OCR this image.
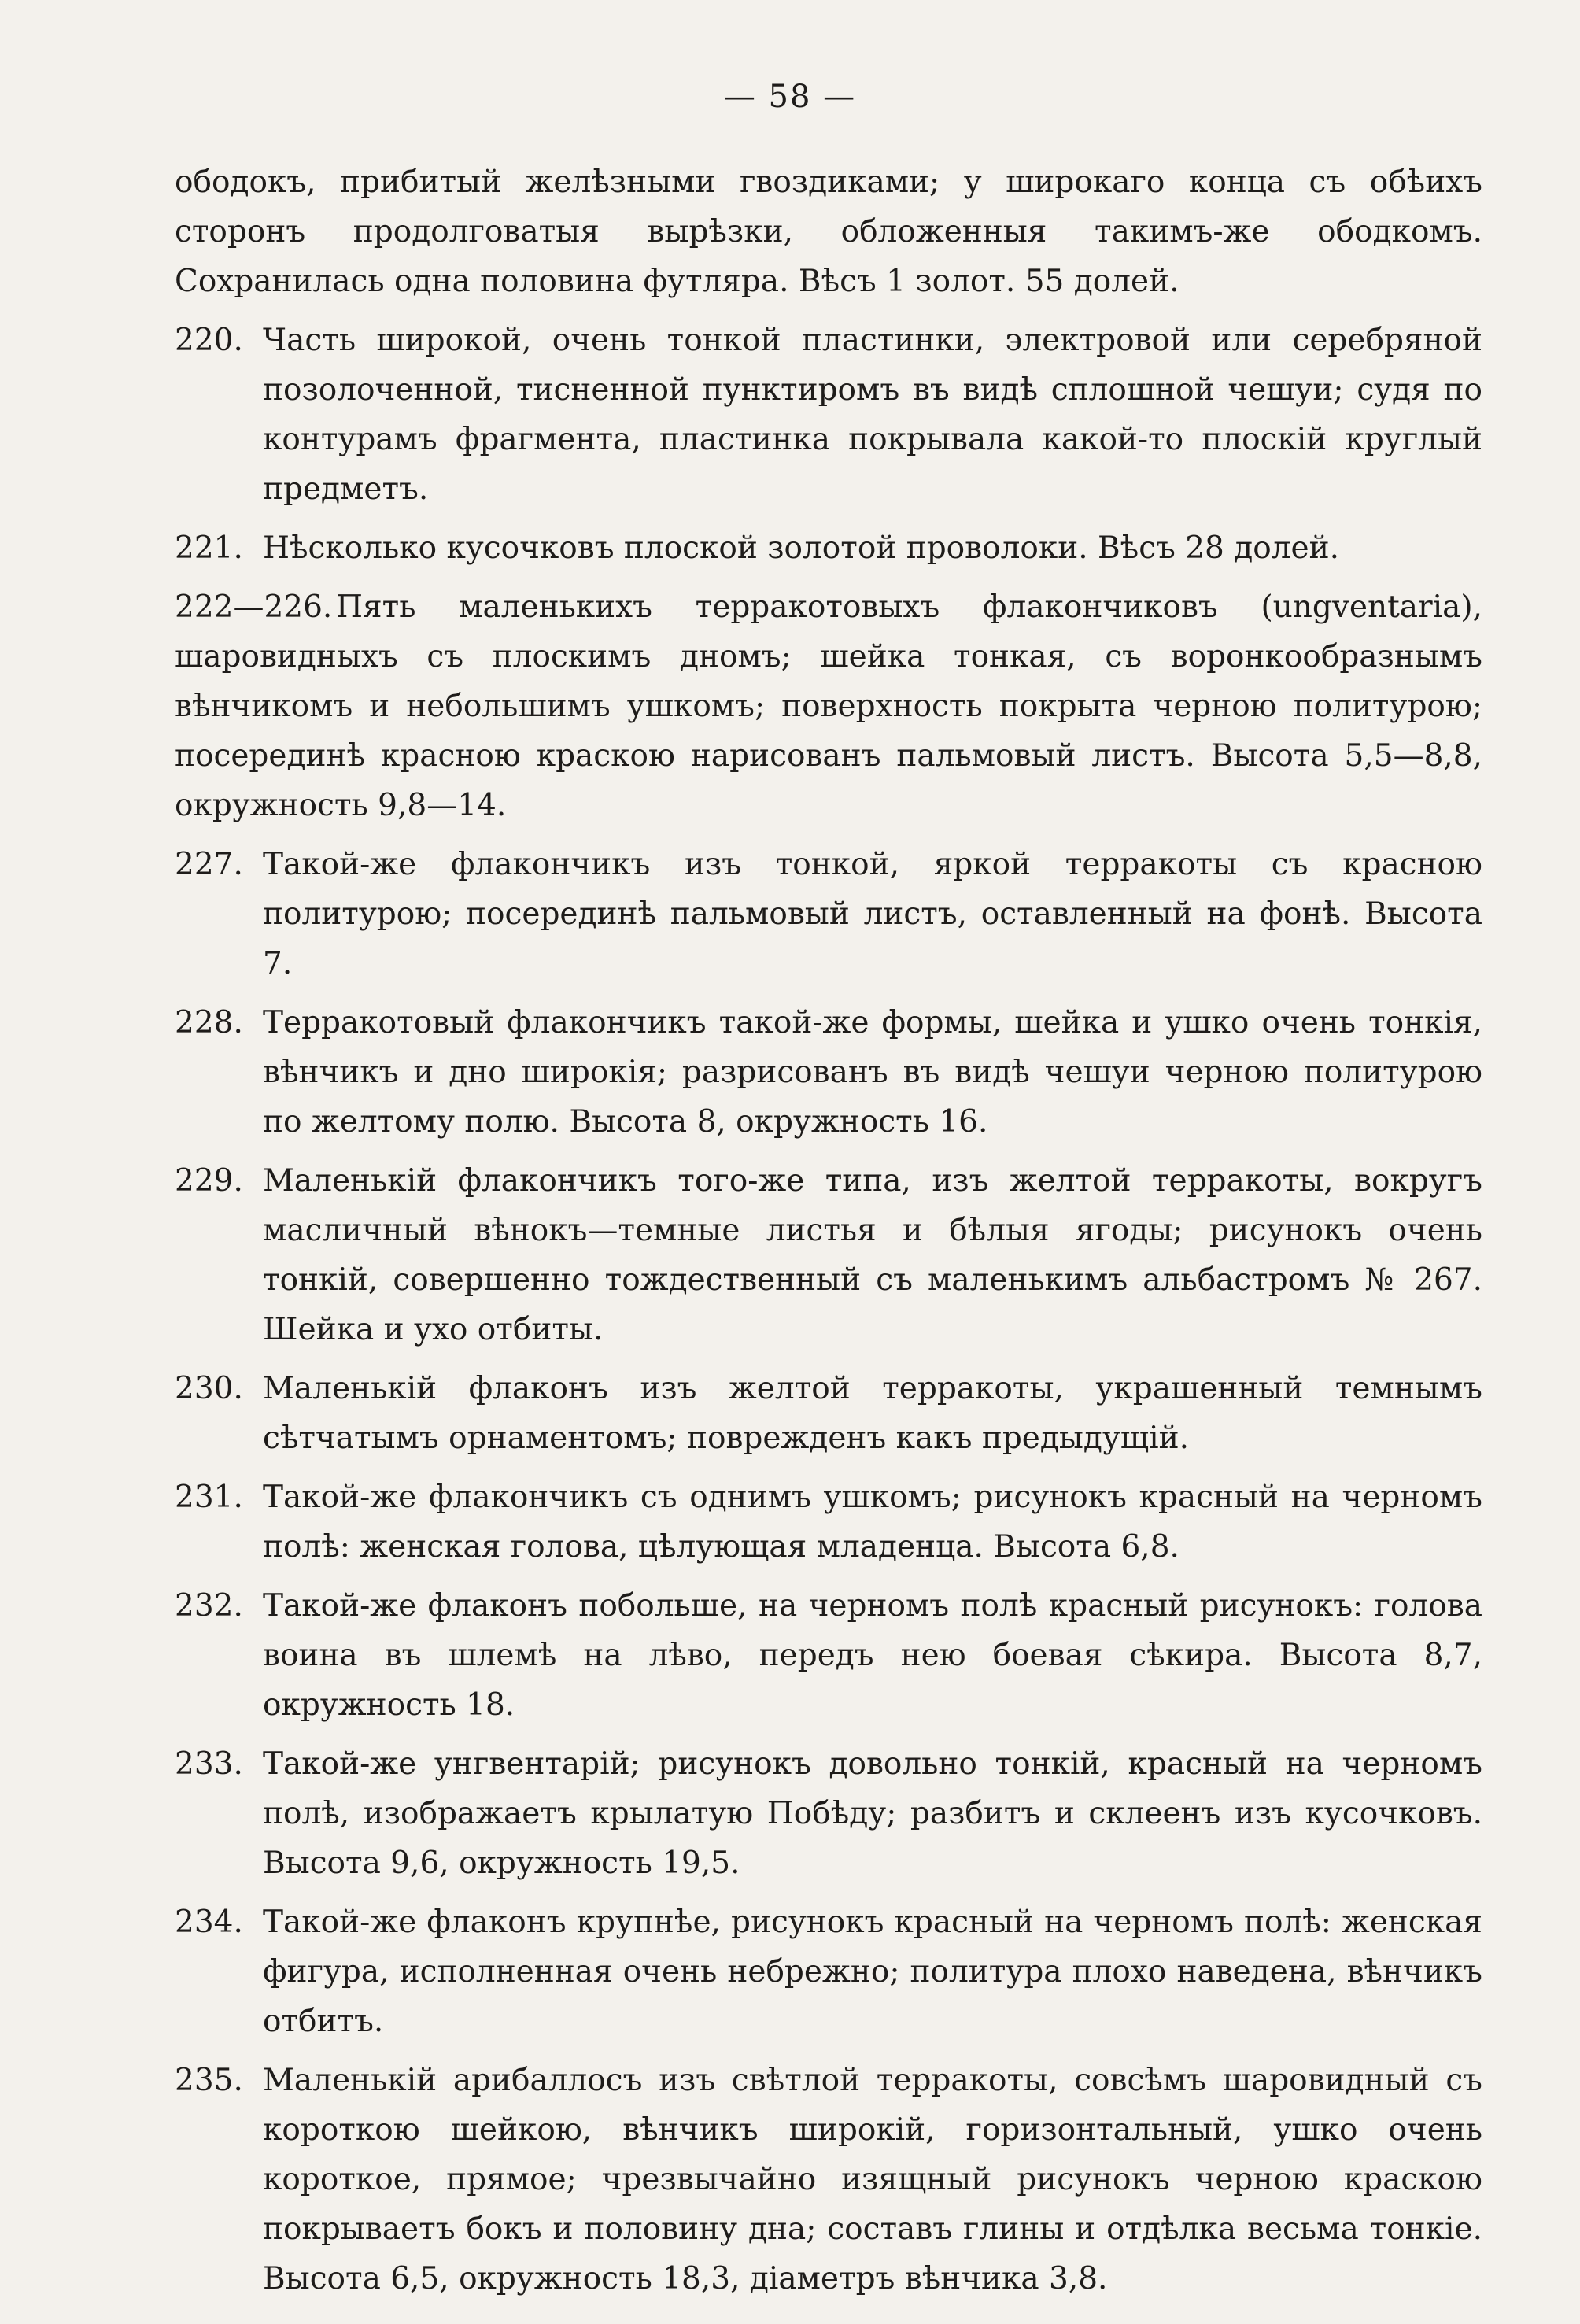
— 58 —

ободокъ, прибитый желѣзными гвоздиками; у широкаго конца съ обѣихъ сторонъ продолговатыя вырѣзки, обложенныя такимъ-же ободкомъ. Сохранилась одна половина футляра. Вѣсъ 1 золот. 55 долей.

220. Часть широкой, очень тонкой пластинки, электровой или серебряной позолоченной, тисненной пунктиромъ въ видѣ сплошной чешуи; судя по контурамъ фрагмента, пластинка покрывала какой-то плоскій круглый предметъ.
221. Нѣсколько кусочковъ плоской золотой проволоки. Вѣсъ 28 долей.
222—226. Пять маленькихъ терракотовыхъ флакончиковъ (ungventaria), шаровидныхъ съ плоскимъ дномъ; шейка тонкая, съ воронкообразнымъ вѣнчикомъ и небольшимъ ушкомъ; поверхность покрыта черною политурою; посерединѣ красною краскою нарисованъ пальмовый листъ. Высота 5,5—8,8, окружность 9,8—14.
227. Такой-же флакончикъ изъ тонкой, яркой терракоты съ красною политурою; посерединѣ пальмовый листъ, оставленный на фонѣ. Высота 7.
228. Терракотовый флакончикъ такой-же формы, шейка и ушко очень тонкія, вѣнчикъ и дно широкія; разрисованъ въ видѣ чешуи черною политурою по желтому полю. Высота 8, окружность 16.
229. Маленькій флакончикъ того-же типа, изъ желтой терракоты, вокругъ масличный вѣнокъ—темные листья и бѣлыя ягоды; рисунокъ очень тонкій, совершенно тождественный съ маленькимъ альбастромъ № 267. Шейка и ухо отбиты.
230. Маленькій флаконъ изъ желтой терракоты, украшенный темнымъ сѣтчатымъ орнаментомъ; поврежденъ какъ предыдущій.
231. Такой-же флакончикъ съ однимъ ушкомъ; рисунокъ красный на черномъ полѣ: женская голова, цѣлующая младенца. Высота 6,8.
232. Такой-же флаконъ побольше, на черномъ полѣ красный рисунокъ: голова воина въ шлемѣ на лѣво, передъ нею боевая сѣкира. Высота 8,7, окружность 18.
233. Такой-же унгвентарій; рисунокъ довольно тонкій, красный на черномъ полѣ, изображаетъ крылатую Побѣду; разбитъ и склеенъ изъ кусочковъ. Высота 9,6, окружность 19,5.
234. Такой-же флаконъ крупнѣе, рисунокъ красный на черномъ полѣ: женская фигура, исполненная очень небрежно; политура плохо наведена, вѣнчикъ отбитъ.
235. Маленькій арибаллосъ изъ свѣтлой терракоты, совсѣмъ шаровидный съ короткою шейкою, вѣнчикъ широкій, горизонтальный, ушко очень короткое, прямое; чрезвычайно изящный рисунокъ черною краскою покрываетъ бокъ и половину дна; составъ глины и отдѣлка весьма тонкіе. Высота 6,5, окружность 18,3, діаметръ вѣнчика 3,8.
